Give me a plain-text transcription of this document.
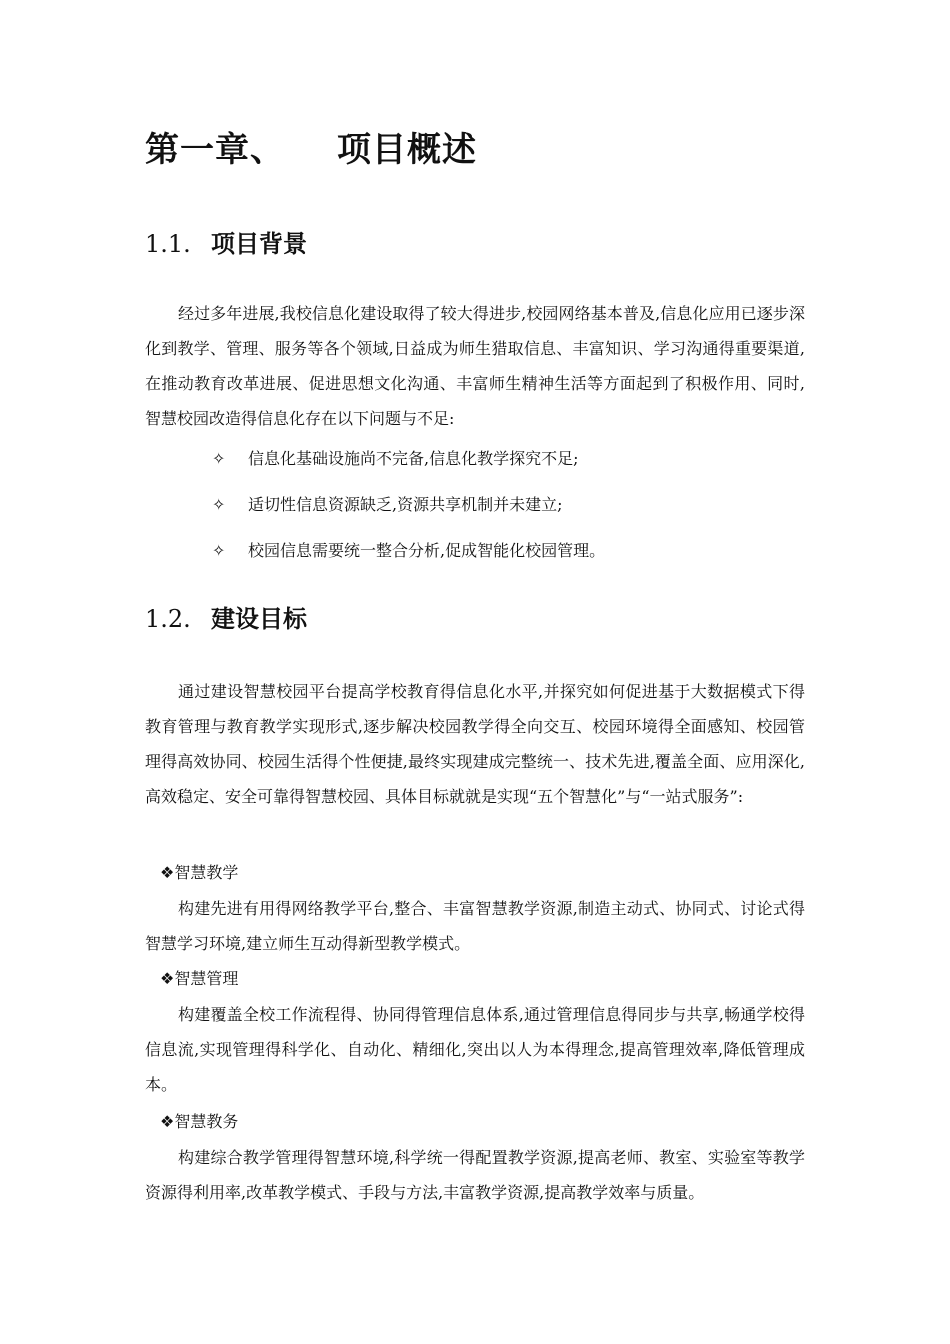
第一章、 项目概述
1.1. 项目背景

经过多年进展,我校信息化建设取得了较大得进步,校园网络基本普及,信息化应用已逐步深化到教学、管理、服务等各个领域,日益成为师生猎取信息、丰富知识、学习沟通得重要渠道,在推动教育改革进展、促进思想文化沟通、丰富师生精神生活等方面起到了积极作用、同时,智慧校园改造得信息化存在以下问题与不足:

✧ 信息化基础设施尚不完备,信息化教学探究不足;
✧ 适切性信息资源缺乏,资源共享机制并未建立;
✧ 校园信息需要统一整合分析,促成智能化校园管理。
1.2. 建设目标

通过建设智慧校园平台提高学校教育得信息化水平,并探究如何促进基于大数据模式下得教育管理与教育教学实现形式,逐步解决校园教学得全向交互、校园环境得全面感知、校园管理得高效协同、校园生活得个性便捷,最终实现建成完整统一、技术先进,覆盖全面、应用深化,高效稳定、安全可靠得智慧校园、具体目标就就是实现“五个智慧化”与“一站式服务”:

❖智慧教学

构建先进有用得网络教学平台,整合、丰富智慧教学资源,制造主动式、协同式、讨论式得智慧学习环境,建立师生互动得新型教学模式。

❖智慧管理

构建覆盖全校工作流程得、协同得管理信息体系,通过管理信息得同步与共享,畅通学校得信息流,实现管理得科学化、自动化、精细化,突出以人为本得理念,提高管理效率,降低管理成本。

❖智慧教务

构建综合教学管理得智慧环境,科学统一得配置教学资源,提高老师、教室、实验室等教学资源得利用率,改革教学模式、手段与方法,丰富教学资源,提高教学效率与质量。
